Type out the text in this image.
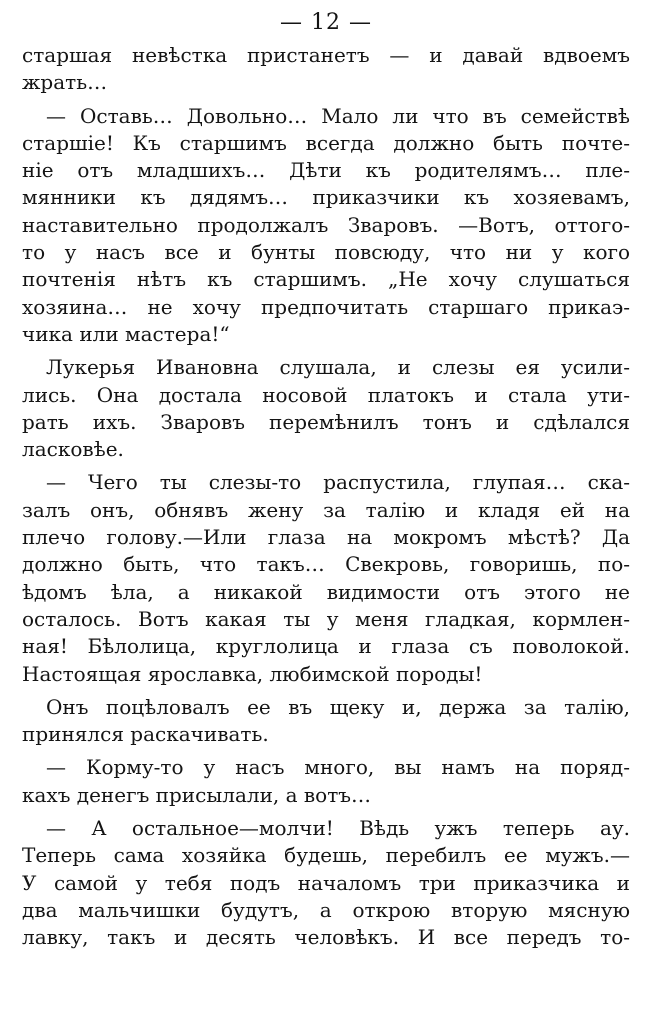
— 12 —
старшая невѣстка пристанетъ — и давай вдвоемъ
жрать…
— Оставь… Довольно… Мало ли что въ семействѣ
старшіе! Къ старшимъ всегда должно быть почте-
ніе отъ младшихъ… Дѣти къ родителямъ… пле-
мянники къ дядямъ… приказчики къ хозяевамъ,
наставительно продолжалъ Зваровъ. —Вотъ, оттого-
то у насъ все и бунты повсюду, что ни у кого
почтенія нѣтъ къ старшимъ. „Не хочу слушаться
хозяина… не хочу предпочитать старшаго прикаэ-
чика или мастера!“
Лукерья Ивановна слушала, и слезы ея усили-
лись. Она достала носовой платокъ и стала ути-
рать ихъ. Зваровъ перемѣнилъ тонъ и сдѣлался
ласковѣе.
— Чего ты слезы-то распустила, глупая… ска-
залъ онъ, обнявъ жену за талію и кладя ей на
плечо голову.—Или глаза на мокромъ мѣстѣ? Да
должно быть, что такъ… Свекровь, говоришь, по-
ѣдомъ ѣла, а никакой видимости отъ этого не
осталось. Вотъ какая ты у меня гладкая, кормлен-
ная! Бѣлолица, круглолица и глаза съ поволокой.
Настоящая ярославка, любимской породы!
Онъ поцѣловалъ ее въ щеку и, держа за талію,
принялся раскачивать.
— Корму-то у насъ много, вы намъ на поряд-
кахъ денегъ присылали, а вотъ…
— А остальное—молчи! Вѣдь ужъ теперь ау.
Теперь сама хозяйка будешь, перебилъ ее мужъ.—
У самой у тебя подъ началомъ три приказчика и
два мальчишки будутъ, а открою вторую мясную
лавку, такъ и десять человѣкъ. И все передъ то-
